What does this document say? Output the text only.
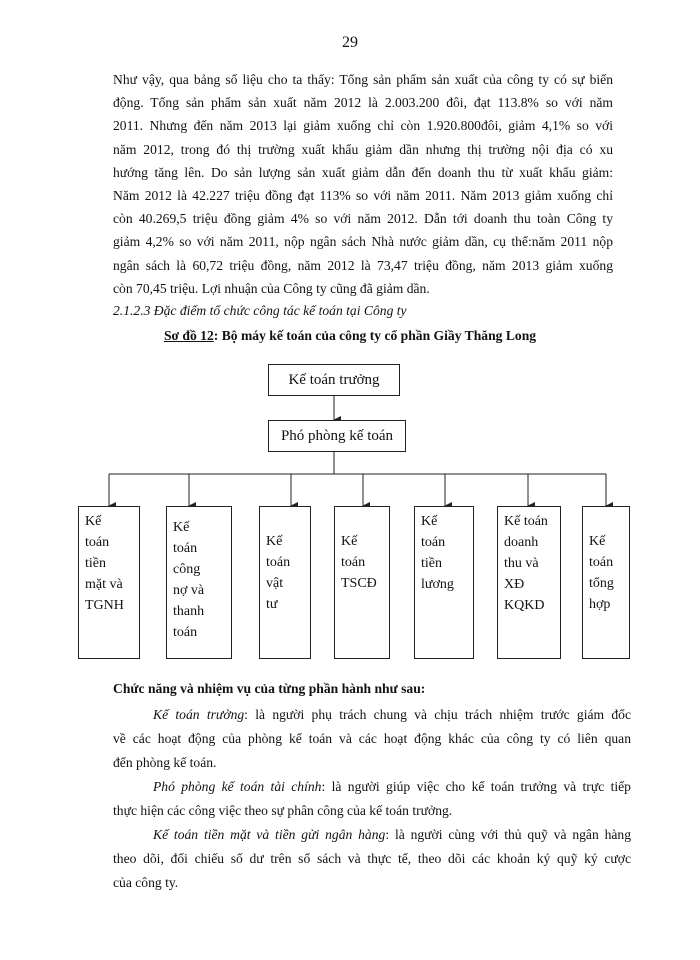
29
Như vậy, qua bảng số liệu cho ta thấy: Tổng sản phẩm sản xuất của công ty có sự biến
động. Tổng sản phẩm sản xuất năm 2012 là 2.003.200 đôi, đạt 113.8% so với năm
2011. Nhưng đến năm 2013 lại giảm xuống chỉ còn 1.920.800đôi, giảm 4,1% so với
năm 2012, trong đó thị trường xuất khẩu giảm dần nhưng thị trường nội địa có xu
hướng tăng lên. Do sản lượng sản xuất giảm dẫn đến doanh thu từ xuất khẩu giảm:
Năm 2012 là 42.227 triệu đồng đạt 113% so với năm 2011. Năm 2013 giảm xuống chỉ
còn 40.269,5 triệu đồng giảm 4% so với năm 2012. Dẫn tới doanh thu toàn Công ty
giảm 4,2% so với năm 2011, nộp ngân sách Nhà nước giảm dần, cụ thể:năm 2011 nộp
ngân sách là 60,72 triệu đồng, năm 2012 là 73,47 triệu đồng, năm 2013 giảm xuống
còn 70,45 triệu. Lợi nhuận của Công ty cũng đã giảm dần.
2.1.2.3 Đặc điểm tổ chức công tác kế toán tại Công ty
Sơ đồ 12: Bộ máy kế toán của công ty cổ phần Giầy Thăng Long
Kế toán trưởng
Phó phòng kế toán
Kế
toán
tiền
mặt và
TGNH
Kế
toán
công
nợ và
thanh
toán
Kế
toán
vật
tư
Kế
toán
TSCĐ
Kế
toán
tiền
lương
Kế toán
doanh
thu và
XĐ
KQKD
Kế
toán
tổng
hợp
Chức năng và nhiệm vụ của từng phần hành như sau:
Kế toán trưởng: là người phụ trách chung và chịu trách nhiệm trước giám đốc
về các hoạt động của phòng kế toán và các hoạt động khác của công ty có liên quan
đến phòng kế toán.
Phó phòng kế toán tài chính: là người giúp việc cho kế toán trưởng và trực tiếp
thực hiện các công việc theo sự phân công của kế toán trưởng.
Kế toán tiền mặt và tiền gửi ngân hàng: là người cùng với thủ quỹ và ngân hàng
theo dõi, đối chiếu số dư trên sổ sách và thực tế, theo dõi các khoản ký quỹ ký cược
của công ty.
